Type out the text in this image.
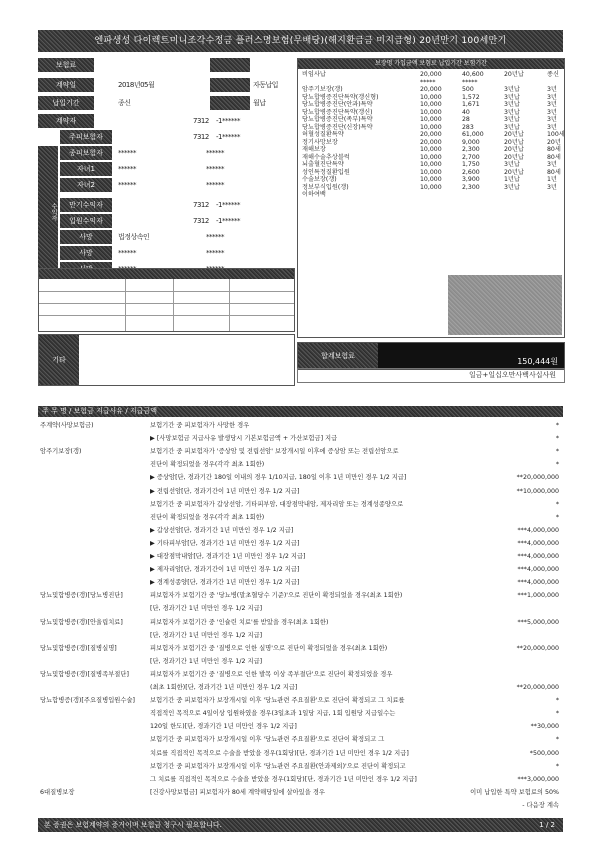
엔파생성 다이렉트미니조각수정금 플러스명보험(무배당)(해지환급금 미지급형) 20년만기 100세만기
보험료
계약일	2018년05월	자동납입
납입기간	종신	월납
계약자	7312 -1******
주피보험자	7312 -1******
종피보험자	******	******
자녀1	******	******
자녀2	******	******
만기수익자	7312 -1******
입원수익자	7312 -1******
사망	법정상속인	******
사망	******	******
수익자
기타
보장명 가입금액 보험료 납입기간 보험기간
비임사납	20,000	40,600	20년납	종신
*****	*****
암주기보장(갱)	20,000	500	3년납	3년
당뇨합병증진단특약(갱신형)	10,000	1,572	3년납	3년
당뇨합병증진단(안과)특약	10,000	1,671	3년납	3년
당뇨합병증진단특약(갱신)	10,000	40	3년납	3년
당뇨합병증진단(족부)특약	10,000	28	3년납	3년
당뇨합병증진단(신장)특약	10,000	283	3년납	3년
허혈성질환특약	20,000	61,000	20년납	100세
정기사망보장	20,000	9,000	20년납	20년
재해보장	10,000	2,300	20년납	80세
재해수술추상블럭	10,000	2,700	20년납	80세
뇌출혈진단특약	10,000	1,750	3년납	3년
성인특정질환입원	10,000	2,600	20년납	80세
수술보장(갱)	10,000	3,900	1년납	1년
정보부식입원(갱)	10,000	2,300	3년납	3년
이하여백
합계보험료
150,444원
일금+일십오만사백사십사원
주 무 명 / 보험금 지급사유 / 지급금액
주계약(사망보험금)	보험기간 중 피보험자가 사망한 경우	*
▶ [사망보험금 지급사유 발생당시 기본보험금액 + 가산보험금] 지급	*
암주기보장(갱)	보험기간 중 피보험자가 '증상암 및 전립선암' 보장개시일 이후에 증상암 또는 전립선암으로	*
진단이 확정되었을 경우(각각 최초 1회한)	*
▶ 증상암[단, 경과기간 180일 이내의 경우 1/10지급, 180일 이후 1년 미만인 경우 1/2 지급]	**20,000,000
▶ 전립선암[단, 경과기간이 1년 미만인 경우 1/2 지급]	**10,000,000
보험기간 중 피보험자가 갑상선암, 기타피부암, 대장점막내암, 제자리암 또는 경계성종양으로	*
진단이 확정되었을 경우(각각 최초 1회한)	*
▶ 갑상선암[단, 경과기간 1년 미만인 경우 1/2 지급]	***4,000,000
▶ 기타피부암[단, 경과기간 1년 미만인 경우 1/2 지급]	***4,000,000
▶ 대장점막내암[단, 경과기간 1년 미만인 경우 1/2 지급]	***4,000,000
▶ 제자리암[단, 경과기간이 1년 미만인 경우 1/2 지급]	***4,000,000
▶ 경계성종양[단, 경과기간 1년 미만인 경우 1/2 지급]	***4,000,000
당뇨및합병증(갱)[당뇨병진단]	피보험자가 보험기간 중 '당뇨병(말초혈당수 기준)'으로 진단이 확정되었을 경우(최초 1회한)	***1,000,000
[단, 경과기간 1년 미만인 경우 1/2 지급]
당뇨및합병증(갱)[안울립치료]	피보험자가 보험기간 중 '인슐린 치료'를 받았을 경우(최초 1회한)	***5,000,000
[단, 경과기간 1년 미만인 경우 1/2 지급]
당뇨및합병증(갱)[질병실명]	피보험자가 보험기간 중 '질병으로 인한 실명'으로 진단이 확정되었을 경우(최초 1회한)	**20,000,000
[단, 경과기간 1년 미만인 경우 1/2 지급]
당뇨및합병증(갱)[질병족부절단]	피보험자가 보험기간 중 '질병으로 인한 발목 이상 족부절단'으로 진단이 확정되었을 경우
(최초 1회한)[단, 경과기간 1년 미만인 경우 1/2 지급]	**20,000,000
당뇨합병증(갱)[주요질병입원수술]	보험기간 중 피보험자가 보장개시일 이후 '당뇨관련 주요질환'으로 진단이 확정되고 그 치료를	*
직접적인 목적으로 4일이상 입원하였을 경우(3일초과 1일당 지급, 1회 입원당 지급일수는	*
120일 한도)[단, 경과기간 1년 미만인 경우 1/2 지급]	**30,000
보험기간 중 피보험자가 보장개시일 이후 '당뇨관련 주요질환'으로 진단이 확정되고 그	*
치료를 직접적인 목적으로 수술을 받았을 경우(1회당)[단, 경과기간 1년 미만인 경우 1/2 지급]	*500,000
보험기간 중 피보험자가 보장개시일 이후 '당뇨관련 주요질환(안과제외)'으로 진단이 확정되고	*
그 치료를 직접적인 목적으로 수술을 받았을 경우(1회당)[단, 경과기간 1년 미만인 경우 1/2 지급]	***3,000,000
6대질병보장	[건강사망보험금] 피보험자가 80세 계약해당일에 살아있을 경우	이미 납입한 특약 보험료의 50%
- 다음장 계속
본 증권은 보험계약의 증거이며 보험금 청구시 필요합니다.	1 / 2
